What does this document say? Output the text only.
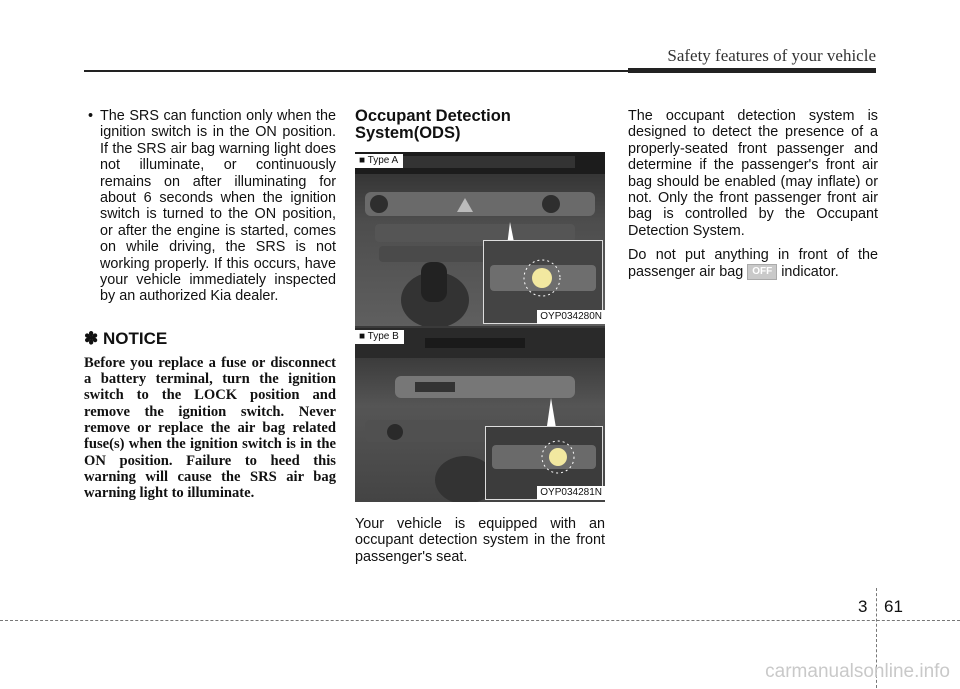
Safety features of your vehicle
• The SRS can function only when the ignition switch is in the ON position. If the SRS air bag warning light does not illuminate, or continuously remains on after illuminating for about 6 seconds when the ignition switch is turned to the ON position, or after the engine is started, comes on while driving, the SRS is not working properly. If this occurs, have your vehicle immediately inspected by an authorized Kia dealer.
✽ NOTICE
Before you replace a fuse or disconnect a battery terminal, turn the ignition switch to the LOCK position and remove the ignition switch. Never remove or replace the air bag related fuse(s) when the ignition switch is in the ON position. Failure to heed this warning will cause the SRS air bag warning light to illuminate.
Occupant Detection System(ODS)
■ Type A
OYP034280N
■ Type B
OYP034281N

Your vehicle is equipped with an occupant detection system in the front passenger's seat.

The occupant detection system is designed to detect the presence of a properly-seated front passenger and determine if the passenger's front air bag should be enabled (may inflate) or not. Only the front passenger front air bag is controlled by the Occupant Detection System.

Do not put anything in front of the passenger air bag OFF indicator.

3 61
carmanualsonline.info
